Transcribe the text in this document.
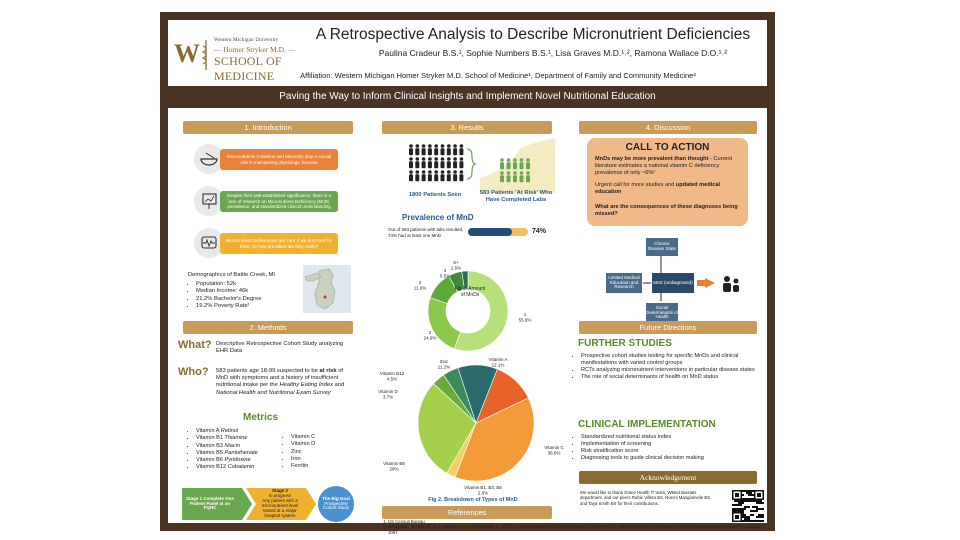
W	Western Michigan University
— Homer Stryker M.D. —
SCHOOL OF MEDICINE
A Retrospective Analysis to Describe Micronutrient Deficiencies
Paulina Cradeur B.S.¹, Sophie Numbers B.S.¹, Lisa Graves M.D.¹˒², Ramona Wallace D.O.¹˒²
Affiliation: Western Michigan Homer Stryker M.D. School of Medicine¹, Department of Family and Community Medicine²
Paving the Way to Inform Clinical Insights and Implement Novel Nutritional Education
1. Introduction
Micronutrients (Vitamins and Minerals) play a crucial role in maintaining physiologic function
Despite their well-established significance, there is a lack of research on Micronutrient Deficiency (MnD) prevalence, and standardized clinical understanding
Micronutrient Deficiencies are 'rare' if we don't test for them, so how prevalent are they really?
Demographics of Battle Creek, MI
• Population: 52k
• Median Income: 46k
• 21.2% Bachelor's Degree
• 19.2% Poverty Rate¹
2. Methods
What? Descriptive Retrospective Cohort Study analyzing EHR Data
Who? 583 patients age 18-99 suspected to be at risk of MnD with symptoms and a history of insufficient nutritional intake per the Healthy Eating Index and National Health and Nutritional Exam Survey
Metrics
• Vitamin A Retinol
• Vitamin B1 Thiamine
• Vitamin B3 Niacin
• Vitamin B5 Pantothenate
• Vitamin B6 Pyridoxine
• Vitamin B12 Cobalamin
• Vitamin C
• Vitamin D
• Zinc
• Iron
• Ferritin
Stage 1 Complete One Patient Panel at an FQHC
Stage 2
In progress
Any patient with a micronutrient level tested at a major hospital system
The Big Goal
Prospective Cohort Study
3. Results
1800 Patients Seen	583 Patients 'At Risk' Who Have Completed Labs
Prevalence of MnD
Out of 583 patients with labs resulted, 74% had at least one MnD
74%
1 55.6%
2 24.9%
3 11.6%
4 5.5%
5+ 2.5%
Fig 1. Amount of MnDs
Vitamin A 12.1%
Vitamin C 38.6%
Vitamin B1, B3, B5 2.6%
Vitamin B6 29%
Vitamin D 3.7%
Vitamin B12 4.5%
Zinc 11.2%
Fig 2. Breakdown of Types of MnD
References
1. US Census Bureau
2. Narayanan, S., Kumar, S. S., Manguno, A., & Friedman, E. (2021). Current Estimates of Serum Vitamin C and Vitamin C Deficiency in the United States. Current Developments in Nutrition, 5(Suppl 2), 1067.
4. Discussion
CALL TO ACTION
MnDs may be more prevalent than thought - Current literature estimates a national vitamin C deficiency prevalence of only ~6%²
Urgent call for more studies and updated medical education
What are the consequences of these diagnoses being missed?
Chronic Disease State
Limited Medical Education and Research
MnD (undiagnosed)
Social Determinants of Health
Future Directions
FURTHER STUDIES
• Prospective cohort studies testing for specific MnDs and clinical manifestations with varied control groups
• RCTs analyzing micronutrient interventions in particular disease states
• The role of social determinants of health on MnD status
CLINICAL IMPLEMENTATION
• Standardized nutritional status index
• Implementation of screening
• Risk stratification score
• Diagnosing tools to guide clinical decision making
Acknowledgement
We would like to thank Grace Health IT team, WMed Biostats department, and our peers Rubie Villeta BS, Noemi Mangiameile BS, and Taya Smith BS for their contributions.
